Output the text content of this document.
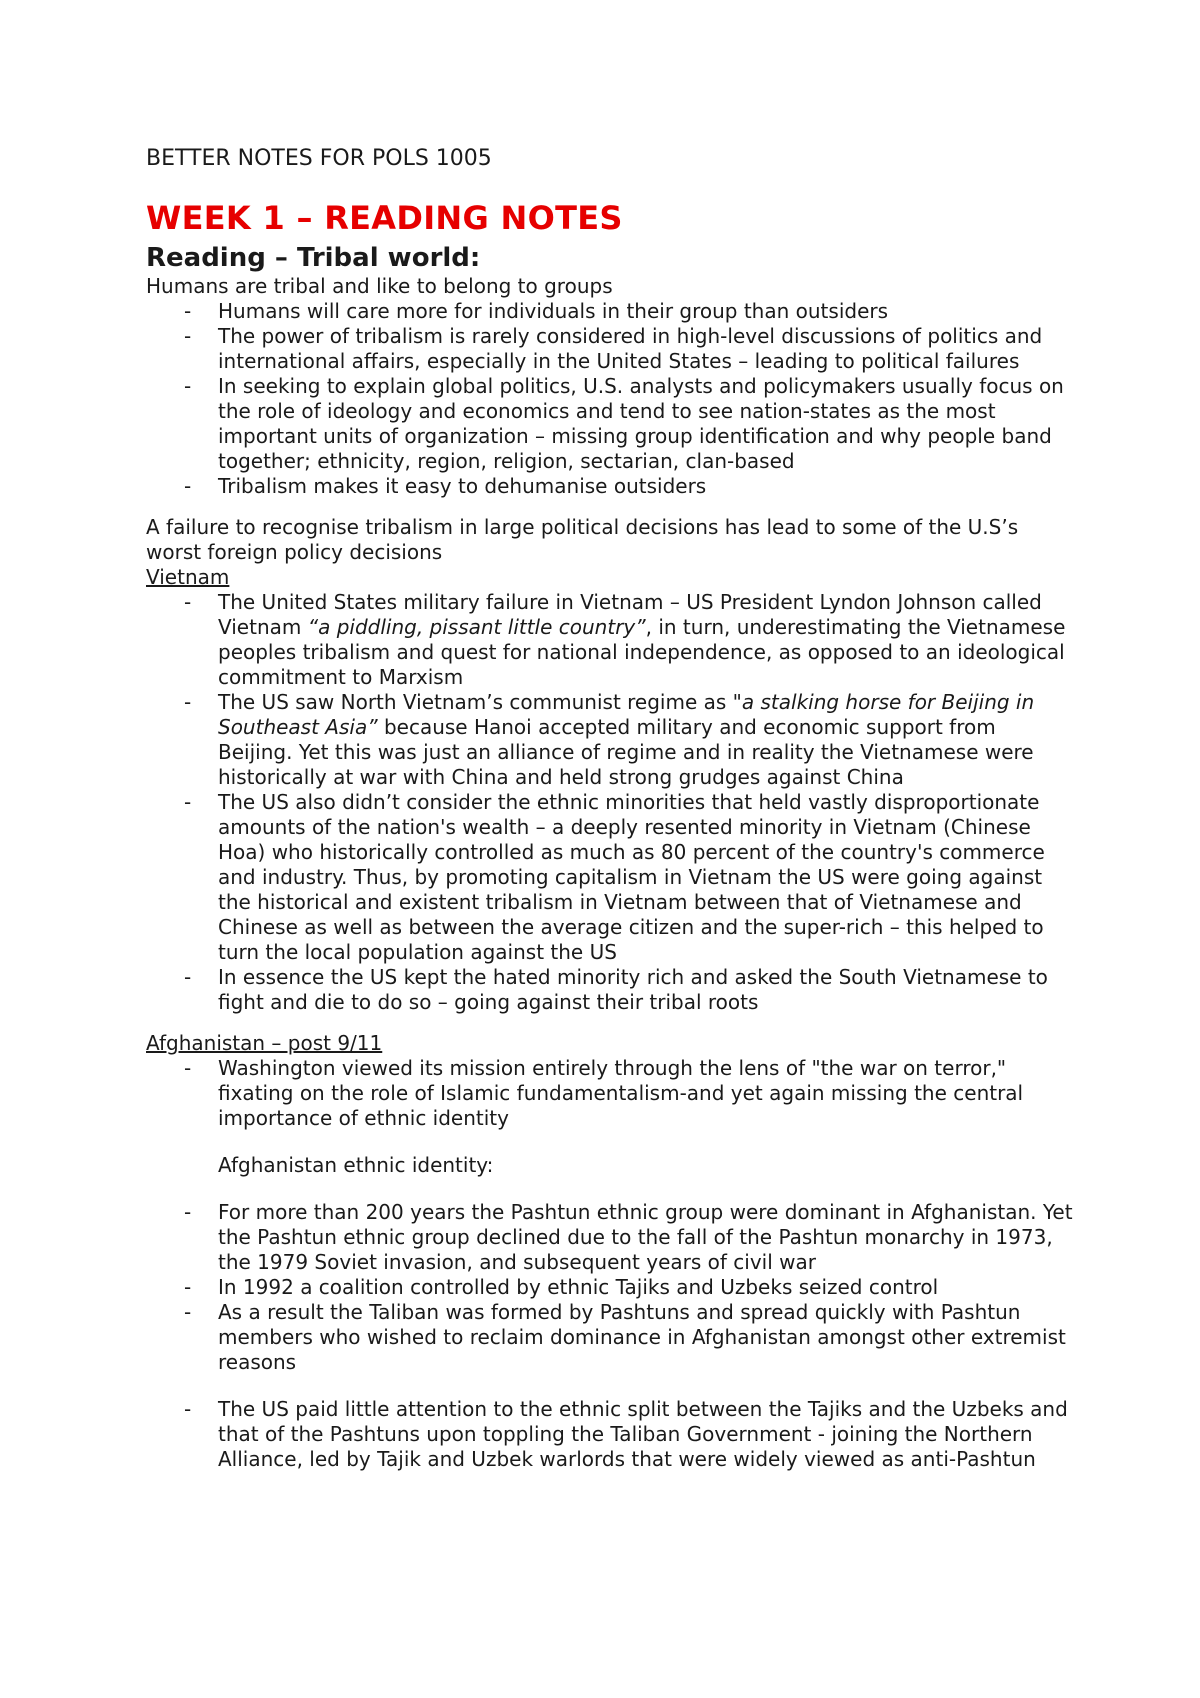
BETTER NOTES FOR POLS 1005
WEEK 1 – READING NOTES
Reading – Tribal world:

Humans are tribal and like to belong to groups

- Humans will care more for individuals in their group than outsiders
- The power of tribalism is rarely considered in high-level discussions of politics and international affairs, especially in the United States – leading to political failures
- In seeking to explain global politics, U.S. analysts and policymakers usually focus on the role of ideology and economics and tend to see nation-states as the most important units of organization – missing group identification and why people band together; ethnicity, region, religion, sectarian, clan-based
- Tribalism makes it easy to dehumanise outsiders

A failure to recognise tribalism in large political decisions has lead to some of the U.S’s worst foreign policy decisions

Vietnam

- The United States military failure in Vietnam – US President Lyndon Johnson called Vietnam “a piddling, pissant little country”, in turn, underestimating the Vietnamese peoples tribalism and quest for national independence, as opposed to an ideological commitment to Marxism
- The US saw North Vietnam’s communist regime as "a stalking horse for Beijing in Southeast Asia” because Hanoi accepted military and economic support from Beijing. Yet this was just an alliance of regime and in reality the Vietnamese were historically at war with China and held strong grudges against China
- The US also didn’t consider the ethnic minorities that held vastly disproportionate amounts of the nation's wealth – a deeply resented minority in Vietnam (Chinese Hoa) who historically controlled as much as 80 percent of the country's commerce and industry. Thus, by promoting capitalism in Vietnam the US were going against the historical and existent tribalism in Vietnam between that of Vietnamese and Chinese as well as between the average citizen and the super-rich – this helped to turn the local population against the US
- In essence the US kept the hated minority rich and asked the South Vietnamese to fight and die to do so – going against their tribal roots

Afghanistan – post 9/11

- Washington viewed its mission entirely through the lens of "the war on terror," fixating on the role of Islamic fundamentalism-and yet again missing the central importance of ethnic identity

Afghanistan ethnic identity:

- For more than 200 years the Pashtun ethnic group were dominant in Afghanistan. Yet the Pashtun ethnic group declined due to the fall of the Pashtun monarchy in 1973, the 1979 Soviet invasion, and subsequent years of civil war
- In 1992 a coalition controlled by ethnic Tajiks and Uzbeks seized control
- As a result the Taliban was formed by Pashtuns and spread quickly with Pashtun members who wished to reclaim dominance in Afghanistan amongst other extremist reasons
- The US paid little attention to the ethnic split between the Tajiks and the Uzbeks and that of the Pashtuns upon toppling the Taliban Government - joining the Northern Alliance, led by Tajik and Uzbek warlords that were widely viewed as anti-Pashtun
